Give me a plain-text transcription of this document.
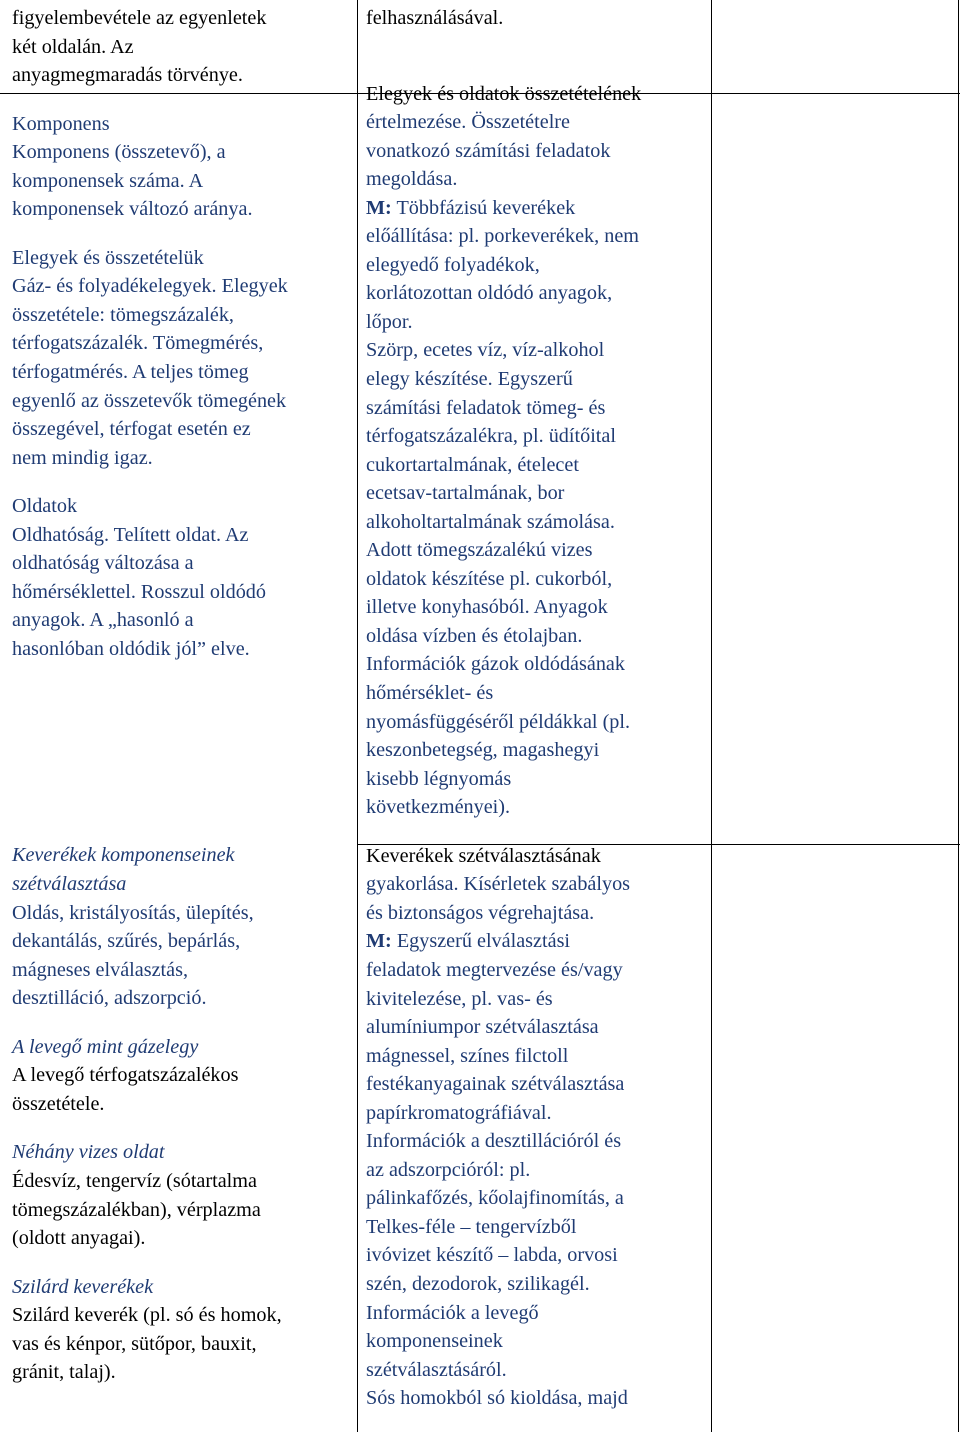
figyelembevétele az egyenletek
két oldalán. Az
anyagmegmaradás törvénye.
Komponens
Komponens (összetevő), a
komponensek száma. A
komponensek változó aránya.
Elegyek és összetételük
Gáz- és folyadékelegyek. Elegyek
összetétele: tömegszázalék,
térfogatszázalék. Tömegmérés,
térfogatmérés. A teljes tömeg
egyenlő az összetevők tömegének
összegével, térfogat esetén ez
nem mindig igaz.
Oldatok
Oldhatóság. Telített oldat. Az
oldhatóság változása a
hőmérséklettel. Rosszul oldódó
anyagok. A „hasonló a
hasonlóban oldódik jól” elve.
Keverékek komponenseinek
szétválasztása
Oldás, kristályosítás, ülepítés,
dekantálás, szűrés, bepárlás,
mágneses elválasztás,
desztilláció, adszorpció.
A levegő mint gázelegy
A levegő térfogatszázalékos
összetétele.
Néhány vizes oldat
Édesvíz, tengervíz (sótartalma
tömegszázalékban), vérplazma
(oldott anyagai).
Szilárd keverékek
Szilárd keverék (pl. só és homok,
vas és kénpor, sütőpor, bauxit,
gránit, talaj).
felhasználásával.
Elegyek és oldatok összetételének
értelmezése. Összetételre
vonatkozó számítási feladatok
megoldása.
M: Többfázisú keverékek
előállítása: pl. porkeverékek, nem
elegyedő folyadékok,
korlátozottan oldódó anyagok,
lőpor.
Szörp, ecetes víz, víz-alkohol
elegy készítése. Egyszerű
számítási feladatok tömeg- és
térfogatszázalékra, pl. üdítőital
cukortartalmának, ételecet
ecetsav-tartalmának, bor
alkoholtartalmának számolása.
Adott tömegszázalékú vizes
oldatok készítése pl. cukorból,
illetve konyhasóból. Anyagok
oldása vízben és étolajban.
Információk gázok oldódásának
hőmérséklet- és
nyomásfüggéséről példákkal (pl.
keszonbetegség, magashegyi
kisebb légnyomás
következményei).
Keverékek szétválasztásának
gyakorlása. Kísérletek szabályos
és biztonságos végrehajtása.
M: Egyszerű elválasztási
feladatok megtervezése és/vagy
kivitelezése, pl. vas- és
alumíniumpor szétválasztása
mágnessel, színes filctoll
festékanyagainak szétválasztása
papírkromatográfiával.
Információk a desztillációról és
az adszorpcióról: pl.
pálinkafőzés, kőolajfinomítás, a
Telkes-féle – tengervízből
ivóvizet készítő – labda, orvosi
szén, dezodorok, szilikagél.
Információk a levegő
komponenseinek
szétválasztásáról.
Sós homokból só kioldása, majd
